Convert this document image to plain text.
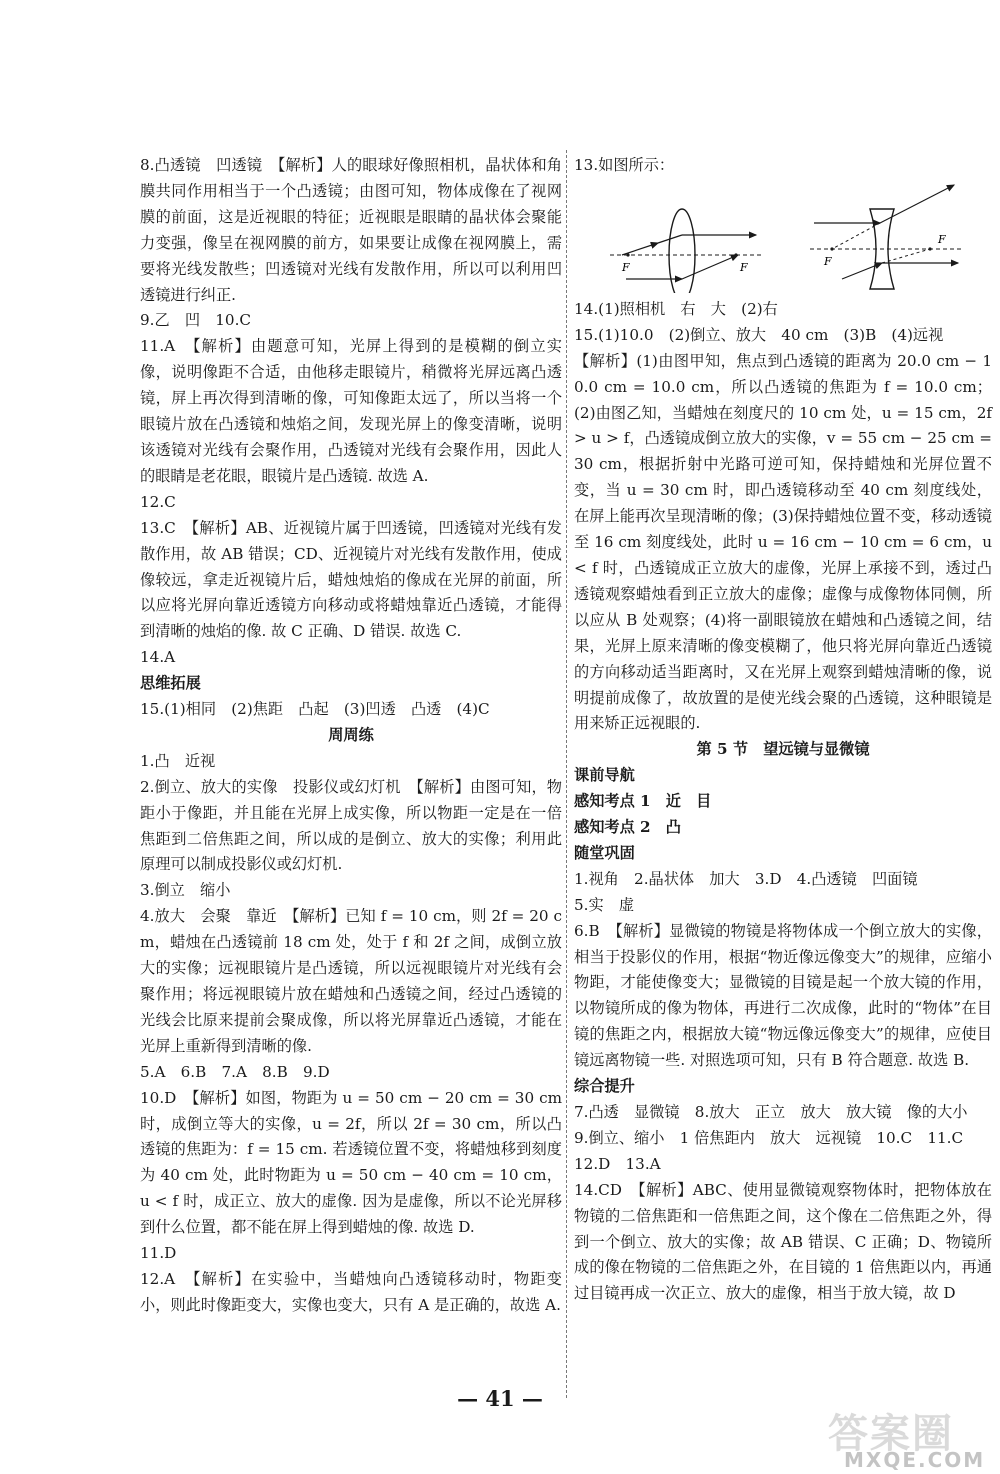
8.凸透镜　凹透镜　【解析】人的眼球好像照相机，晶状体和角膜共同作用相当于一个凸透镜；由图可知，物体成像在了视网膜的前面，这是近视眼的特征；近视眼是眼睛的晶状体会聚能力变强，像呈在视网膜的前方，如果要让成像在视网膜上，需要将光线发散些；凹透镜对光线有发散作用，所以可以利用凹透镜进行纠正.

9.乙　凹　10.C

11.A　【解析】由题意可知，光屏上得到的是模糊的倒立实像，说明像距不合适，由他移走眼镜片，稍微将光屏远离凸透镜，屏上再次得到清晰的像，可知像距太远了，所以当将一个眼镜片放在凸透镜和烛焰之间，发现光屏上的像变清晰，说明该透镜对光线有会聚作用，凸透镜对光线有会聚作用，因此人的眼睛是老花眼，眼镜片是凸透镜. 故选 A.

12.C

13.C　【解析】AB、近视镜片属于凹透镜，凹透镜对光线有发散作用，故 AB 错误；CD、近视镜片对光线有发散作用，使成像较远，拿走近视镜片后，蜡烛烛焰的像成在光屏的前面，所以应将光屏向靠近透镜方向移动或将蜡烛靠近凸透镜，才能得到清晰的烛焰的像. 故 C 正确、D 错误. 故选 C.

14.A

思维拓展

15.(1)相同　(2)焦距　凸起　(3)凹透　凸透　(4)C

周周练

1.凸　近视

2.倒立、放大的实像　投影仪或幻灯机　【解析】由图可知，物距小于像距，并且能在光屏上成实像，所以物距一定是在一倍焦距到二倍焦距之间，所以成的是倒立、放大的实像；利用此原理可以制成投影仪或幻灯机.

3.倒立　缩小

4.放大　会聚　靠近　【解析】已知 f = 10 cm，则 2f = 20 cm，蜡烛在凸透镜前 18 cm 处，处于 f 和 2f 之间，成倒立放大的实像；远视眼镜片是凸透镜，所以远视眼镜片对光线有会聚作用；将远视眼镜片放在蜡烛和凸透镜之间，经过凸透镜的光线会比原来提前会聚成像，所以将光屏靠近凸透镜，才能在光屏上重新得到清晰的像.

5.A　6.B　7.A　8.B　9.D

10.D　【解析】如图，物距为 u = 50 cm − 20 cm = 30 cm 时，成倒立等大的实像，u = 2f，所以 2f = 30 cm，所以凸透镜的焦距为：f = 15 cm. 若透镜位置不变，将蜡烛移到刻度为 40 cm 处，此时物距为 u = 50 cm − 40 cm = 10 cm，u < f 时，成正立、放大的虚像. 因为是虚像，所以不论光屏移到什么位置，都不能在屏上得到蜡烛的像. 故选 D.

11.D

12.A　【解析】在实验中，当蜡烛向凸透镜移动时，物距变小，则此时像距变大，实像也变大，只有 A 是正确的，故选 A.

13.如图所示：

F	F	F
F

14.(1)照相机　右　大　(2)右

15.(1)10.0　(2)倒立、放大　40 cm　(3)B　(4)远视

【解析】(1)由图甲知，焦点到凸透镜的距离为 20.0 cm − 10.0 cm = 10.0 cm，所以凸透镜的焦距为 f = 10.0 cm；(2)由图乙知，当蜡烛在刻度尺的 10 cm 处，u = 15 cm，2f > u > f，凸透镜成倒立放大的实像，v = 55 cm − 25 cm = 30 cm，根据折射中光路可逆可知，保持蜡烛和光屏位置不变，当 u = 30 cm 时，即凸透镜移动至 40 cm 刻度线处，在屏上能再次呈现清晰的像；(3)保持蜡烛位置不变，移动透镜至 16 cm 刻度线处，此时 u = 16 cm − 10 cm = 6 cm，u < f 时，凸透镜成正立放大的虚像，光屏上承接不到，透过凸透镜观察蜡烛看到正立放大的虚像；虚像与成像物体同侧，所以应从 B 处观察；(4)将一副眼镜放在蜡烛和凸透镜之间，结果，光屏上原来清晰的像变模糊了，他只将光屏向靠近凸透镜的方向移动适当距离时，又在光屏上观察到蜡烛清晰的像，说明提前成像了，故放置的是使光线会聚的凸透镜，这种眼镜是用来矫正远视眼的.

第 5 节　望远镜与显微镜

课前导航

感知考点 1　近　目

感知考点 2　凸

随堂巩固

1.视角　2.晶状体　加大　3.D　4.凸透镜　凹面镜

5.实　虚

6.B　【解析】显微镜的物镜是将物体成一个倒立放大的实像，相当于投影仪的作用，根据“物近像远像变大”的规律，应缩小物距，才能使像变大；显微镜的目镜是起一个放大镜的作用，以物镜所成的像为物体，再进行二次成像，此时的“物体”在目镜的焦距之内，根据放大镜“物远像远像变大”的规律，应使目镜远离物镜一些. 对照选项可知，只有 B 符合题意. 故选 B.

综合提升

7.凸透　显微镜　8.放大　正立　放大　放大镜　像的大小

9.倒立、缩小　1 倍焦距内　放大　远视镜　10.C　11.C

12.D　13.A

14.CD　【解析】ABC、使用显微镜观察物体时，把物体放在物镜的二倍焦距和一倍焦距之间，这个像在二倍焦距之外，得到一个倒立、放大的实像；故 AB 错误、C 正确；D、物镜所成的像在物镜的二倍焦距之外，在目镜的 1 倍焦距以内，再通过目镜再成一次正立、放大的虚像，相当于放大镜，故 D

— 41 —
答案圈
MXQE.COM
